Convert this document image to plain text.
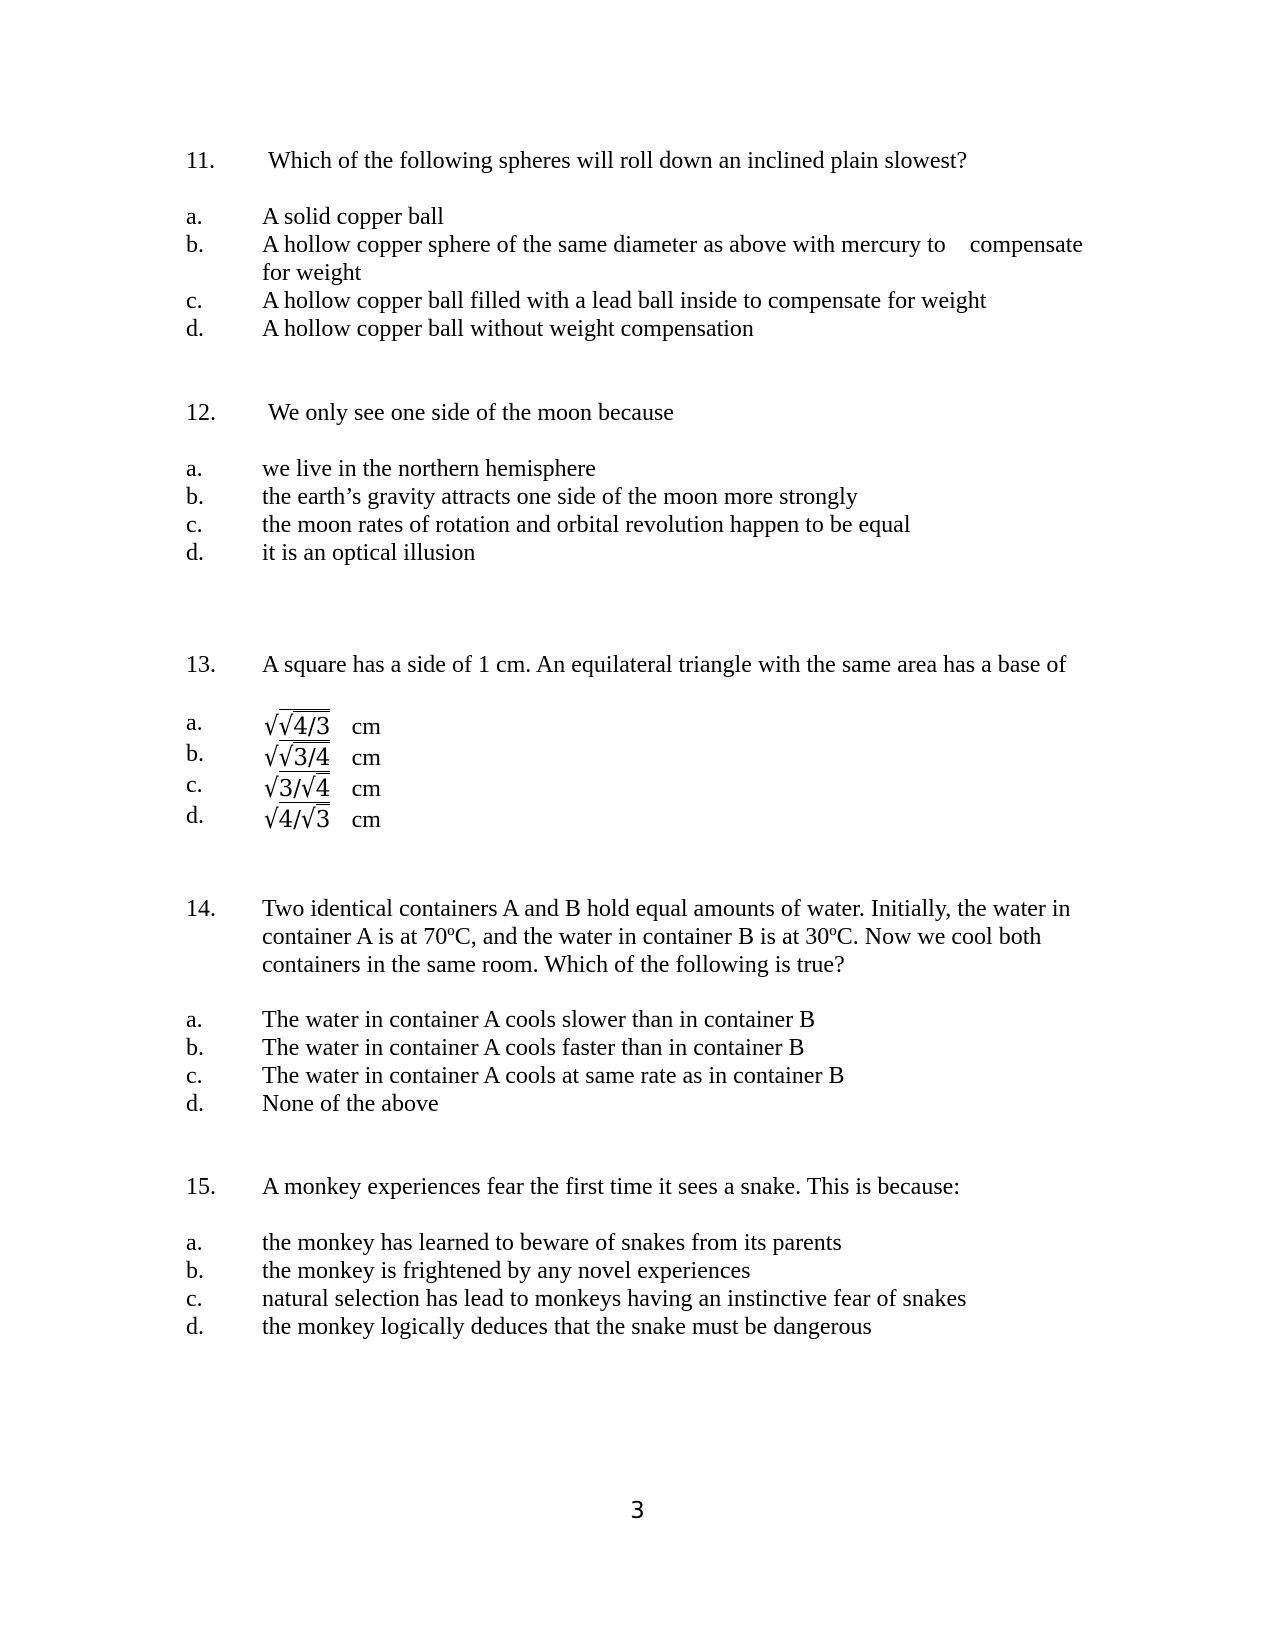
11. Which of the following spheres will roll down an inclined plain slowest?
a. A solid copper ball
b. A hollow copper sphere of the same diameter as above with mercury to    compensate
for weight
c. A hollow copper ball filled with a lead ball inside to compensate for weight
d. A hollow copper ball without weight compensation
12. We only see one side of the moon because
a. we live in the northern hemisphere
b. the earth’s gravity attracts one side of the moon more strongly
c. the moon rates of rotation and orbital revolution happen to be equal
d. it is an optical illusion
13. A square has a side of 1 cm. An equilateral triangle with the same area has a base of
a.	√√4/3 cm
b.	√√3/4 cm
c.	√3/√4 cm
d.	√4/√3 cm
14. Two identical containers A and B hold equal amounts of water. Initially, the water in
container A is at 70ºC, and the water in container B is at 30ºC. Now we cool both
containers in the same room. Which of the following is true?
a. The water in container A cools slower than in container B
b. The water in container A cools faster than in container B
c. The water in container A cools at same rate as in container B
d. None of the above
15. A monkey experiences fear the first time it sees a snake. This is because:
a. the monkey has learned to beware of snakes from its parents
b. the monkey is frightened by any novel experiences
c. natural selection has lead to monkeys having an instinctive fear of snakes
d. the monkey logically deduces that the snake must be dangerous
3
